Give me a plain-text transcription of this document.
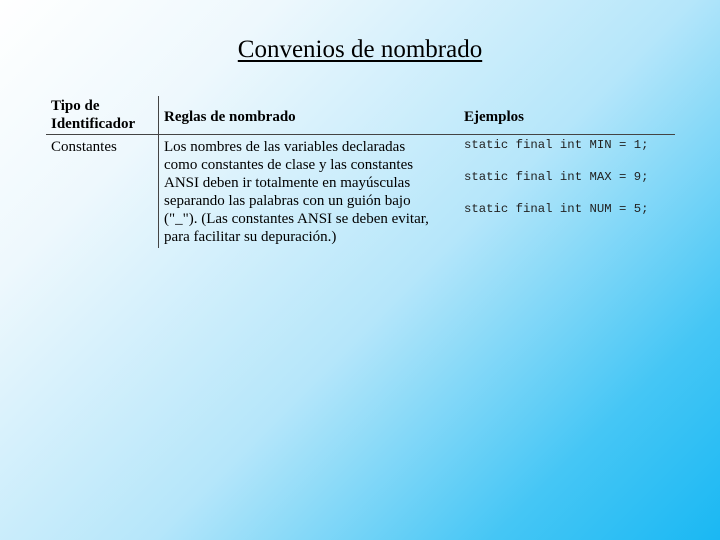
Convenios de nombrado
Tipo de
Identificador Reglas de nombrado	Ejemplos
Constantes	Los nombres de las variables declaradas
como constantes de clase y las constantes
ANSI deben ir totalmente en mayúsculas
separando las palabras con un guión bajo
("_"). (Las constantes ANSI se deben evitar,
para facilitar su depuración.)
static final int MIN = 1;
static final int MAX = 9;
static final int NUM = 5;
